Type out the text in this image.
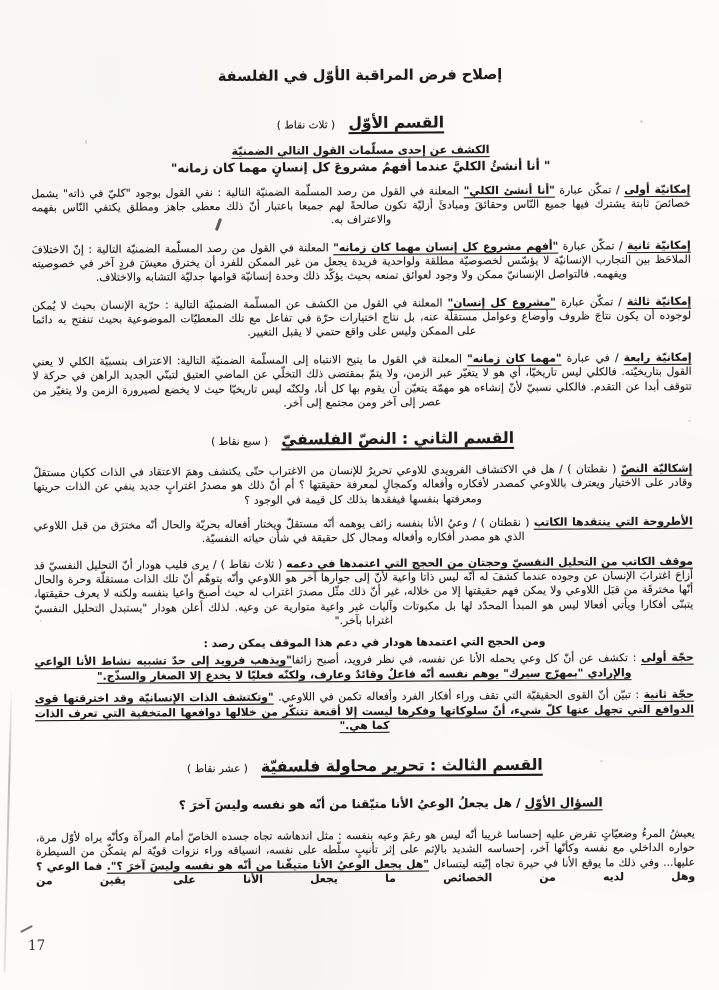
إصلاح فرض المراقبة الأوّل في الفلسفة
القسم الأوّل ( ثلاث نقاط )

الكشف عن إحدى مسلّمات القول التالي الضمنيّة

" أنا أنشئُ الكليَّ عندما أفهمُ مشروعَ كل إنسانٍ مهما كان زمانه"

إمكانيّة أولى / تمكّن عبارة "أنا أنشئ الكلي" المعلنة في القول من رصد المسلّمة الضمنيّة التالية : نفي القول بوجود "كليّ في ذاته" يشمل خصائصَ ثابتة يشترك فيها جميع النّاس وحقائقَ ومبادئَ أزليّة تكون صالحةً لهم جميعا باعتبار أنّ ذلك معطى جاهز ومطلق يكتفي النّاس بفهمه والاعتراف به.

إمكانيّة ثانية / تمكّن عبارة "أفهم مشروع كل إنسان مهما كان زمانه" المعلنة في القول من رصد المسلّمة الضمنيّة التالية : إنّ الاختلافَ الملاحَظ بين التجارب الإنسانيّة لا يؤسّس لخصوصيّة مطلقة ولواحدية فريدة يجعل من غير الممكن للفرد أن يخترق معيشَ فردٍ آخر في خصوصيته ويفهمه. فالتواصل الإنسانيّ ممكن ولا وجود لعوائق تمنعه بحيث يؤكّد ذلك وحدة إنسانيّة قوامها جدليّة التشابه والاختلاف.

إمكانيّة ثالثة / تمكّن عبارة "مشروع كل إنسان" المعلنة في القول من الكشف عن المسلّمة الضمنيّة التالية : حرّية الإنسان بحيث لا يُمكن لوجوده أن يكون نتاجَ ظروف وأوضاع وعوامل مستقلّة عنه، بل نتاج اختيارات حرّة في تفاعل مع تلك المعطيّات الموضوعية بحيث تنفتح به دائما على الممكن وليس على واقع حتمي لا يقبل التغيير.

إمكانيّة رابعة / في عبارة "مهما كان زمانه" المعلنة في القول ما يتيح الانتباه إلى المسلّمة الضمنيّة التالية: الاعتراف بنسبيّة الكلي لا يعني القول بتاريخيّته. فالكلي ليس تاريخيّا، أي هو لا يتغيّر عبر الزمن، ولا يتمّ بمقتضى ذلك التخلّي عن الماضي العتيق لتبنّي الجديد الراهن في حركة لا تتوقف أبدا عن التقدم. فالكلي نسبيّ لأنّ إنشاءه هو مهمّة يتعيّن أن يقوم بها كل أنا، ولكنّه ليس تاريخيّا حيث لا يخضع لصيرورة الزمن ولا يتغيّر من عصر إلى آخر ومن مجتمع إلى آخر.

القسم الثاني : النصّ الفلسفيّ ( سبع نقاط )

إشكاليّة النصّ ( نقطتان ) / هل في الاكتشاف الفرويدي للاوعي تحريرٌ للإنسان من الاغتراب حتّى يكتشف وهمَ الاعتقاد في الذات ككيان مستقلّ وقادر على الاختيار ويعترف باللاوعي كمصدر لأفكاره وأفعاله وكمجالٍ لمعرفة حقيقتها ؟ أم أنّ ذلك هو مصدرُ اغترابٍ جديد ينفي عن الذات حريتها ومعرفتها بنفسها فيفقدها بذلك كل قيمة في الوجود ؟

الأطروحة التي ينتقدها الكاتب ( نقطتان ) / وعيُ الأنا بنفسه زائف يوهمه أنّه مستقلّ ويختار أفعاله بحريّة والحال أنّه مخترَق من قبل اللاوعي الذي هو مصدر أفكاره وأفعاله ومجال كل حقيقة في شأن حياته النفسيّة.

موقف الكاتب من التحليل النفسيّ وحجتان من الحجج التي اعتمدها في دعمه ( ثلاث نقاط ) / يرى فليب هودار أنّ التحليل النفسيّ قد أزاحَ اغترابَ الإنسان عن وجوده عندما كشفَ له أنّه ليس ذاتا واعية لأنّ إلى جوارها آخر هو اللاوعي وأنّه يتوهّم أنّ تلك الذات مستقلّة وحرة والحال أنّها مخترقَة من قبَل اللاوعي ولا يمكن فهم حقيقتها إلا من خلاله، غير أنّ ذلك مثّل مصدرَ اغتراب له حيث أصبحَ واعيا بنفسه ولكنه لا يعرف حقيقتها، يتبنّى أفكارا ويأتي أفعالا ليس هو المبدأ المحدّد لها بل مكبوتات وآليات غير واعية متوارية عن وعيه. لذلك أعلن هودار "يستبدل التحليل النفسيّ اغترابا بآخر."

ومن الحجج التي اعتمدها هودار في دعم هذا الموقف يمكن رصد :

حجّة أولى : تكشف عن أنّ كل وعي يحمله الأنا عن نفسه، في نظر فرويد، أصبح زائفا"ويذهب فرويد إلى حدّ تشبيه نشاط الأنا الواعي والإرادي "بمهرّج سيرك" يوهم نفسه أنّه فاعلٌ وقائدٌ وعارف، ولكنّه فعليّا لا يخدع إلا الصغار والسذّج."

حجّة ثانية : تبيّن أنّ القوى الحقيقيّة التي تقف وراء أفكار الفرد وأفعاله تكمن في اللاوعي. "وتكتشف الذات الإنسانيّة وقد اخترقتها قوى الدوافع التي تجهل عنها كلّ شيء، أنّ سلوكاتها وفكرها ليست إلا أقنعة تتنكّر من خلالها دوافعها المتخفية التي تعرف الذات كما هي."

القسم الثالث : تحرير محاولة فلسفيّة ( عشر نقاط )

السؤال الأوّل / هل يجعلُ الوعيُ الأنا متيّقنا من أنّه هو نفسه وليسَ آخرَ ؟

يعيشُ المرءُ وضعيّاتٍ تفرض عليه إحساسا غريبا أنّه ليس هو رغمَ وعيه بنفسه : مثل اندهاشه تجاه جسده الخاصّ أمام المرآة وكأنّه يراه لأوّل مرة، حواره الداخلي مع نفسه وكأنّها آخر، إحساسه الشديد بالإثم على إثر تأنيبٍ سلّطه على نفسه، انسياقه وراء نزوات قويّة لم يتمكّن من السيطرة عليها... وفي ذلك ما يوقع الأنا في حيرة تجاه إنّيته ليتساءل "هل يجعل الوعيُ الأنا متيقّنا من أنّه هو نفسه وليسَ آخرَ ؟". فما الوعي ؟ وهل لديه من الخصائص ما يجعل الأنا على يقين من

17
